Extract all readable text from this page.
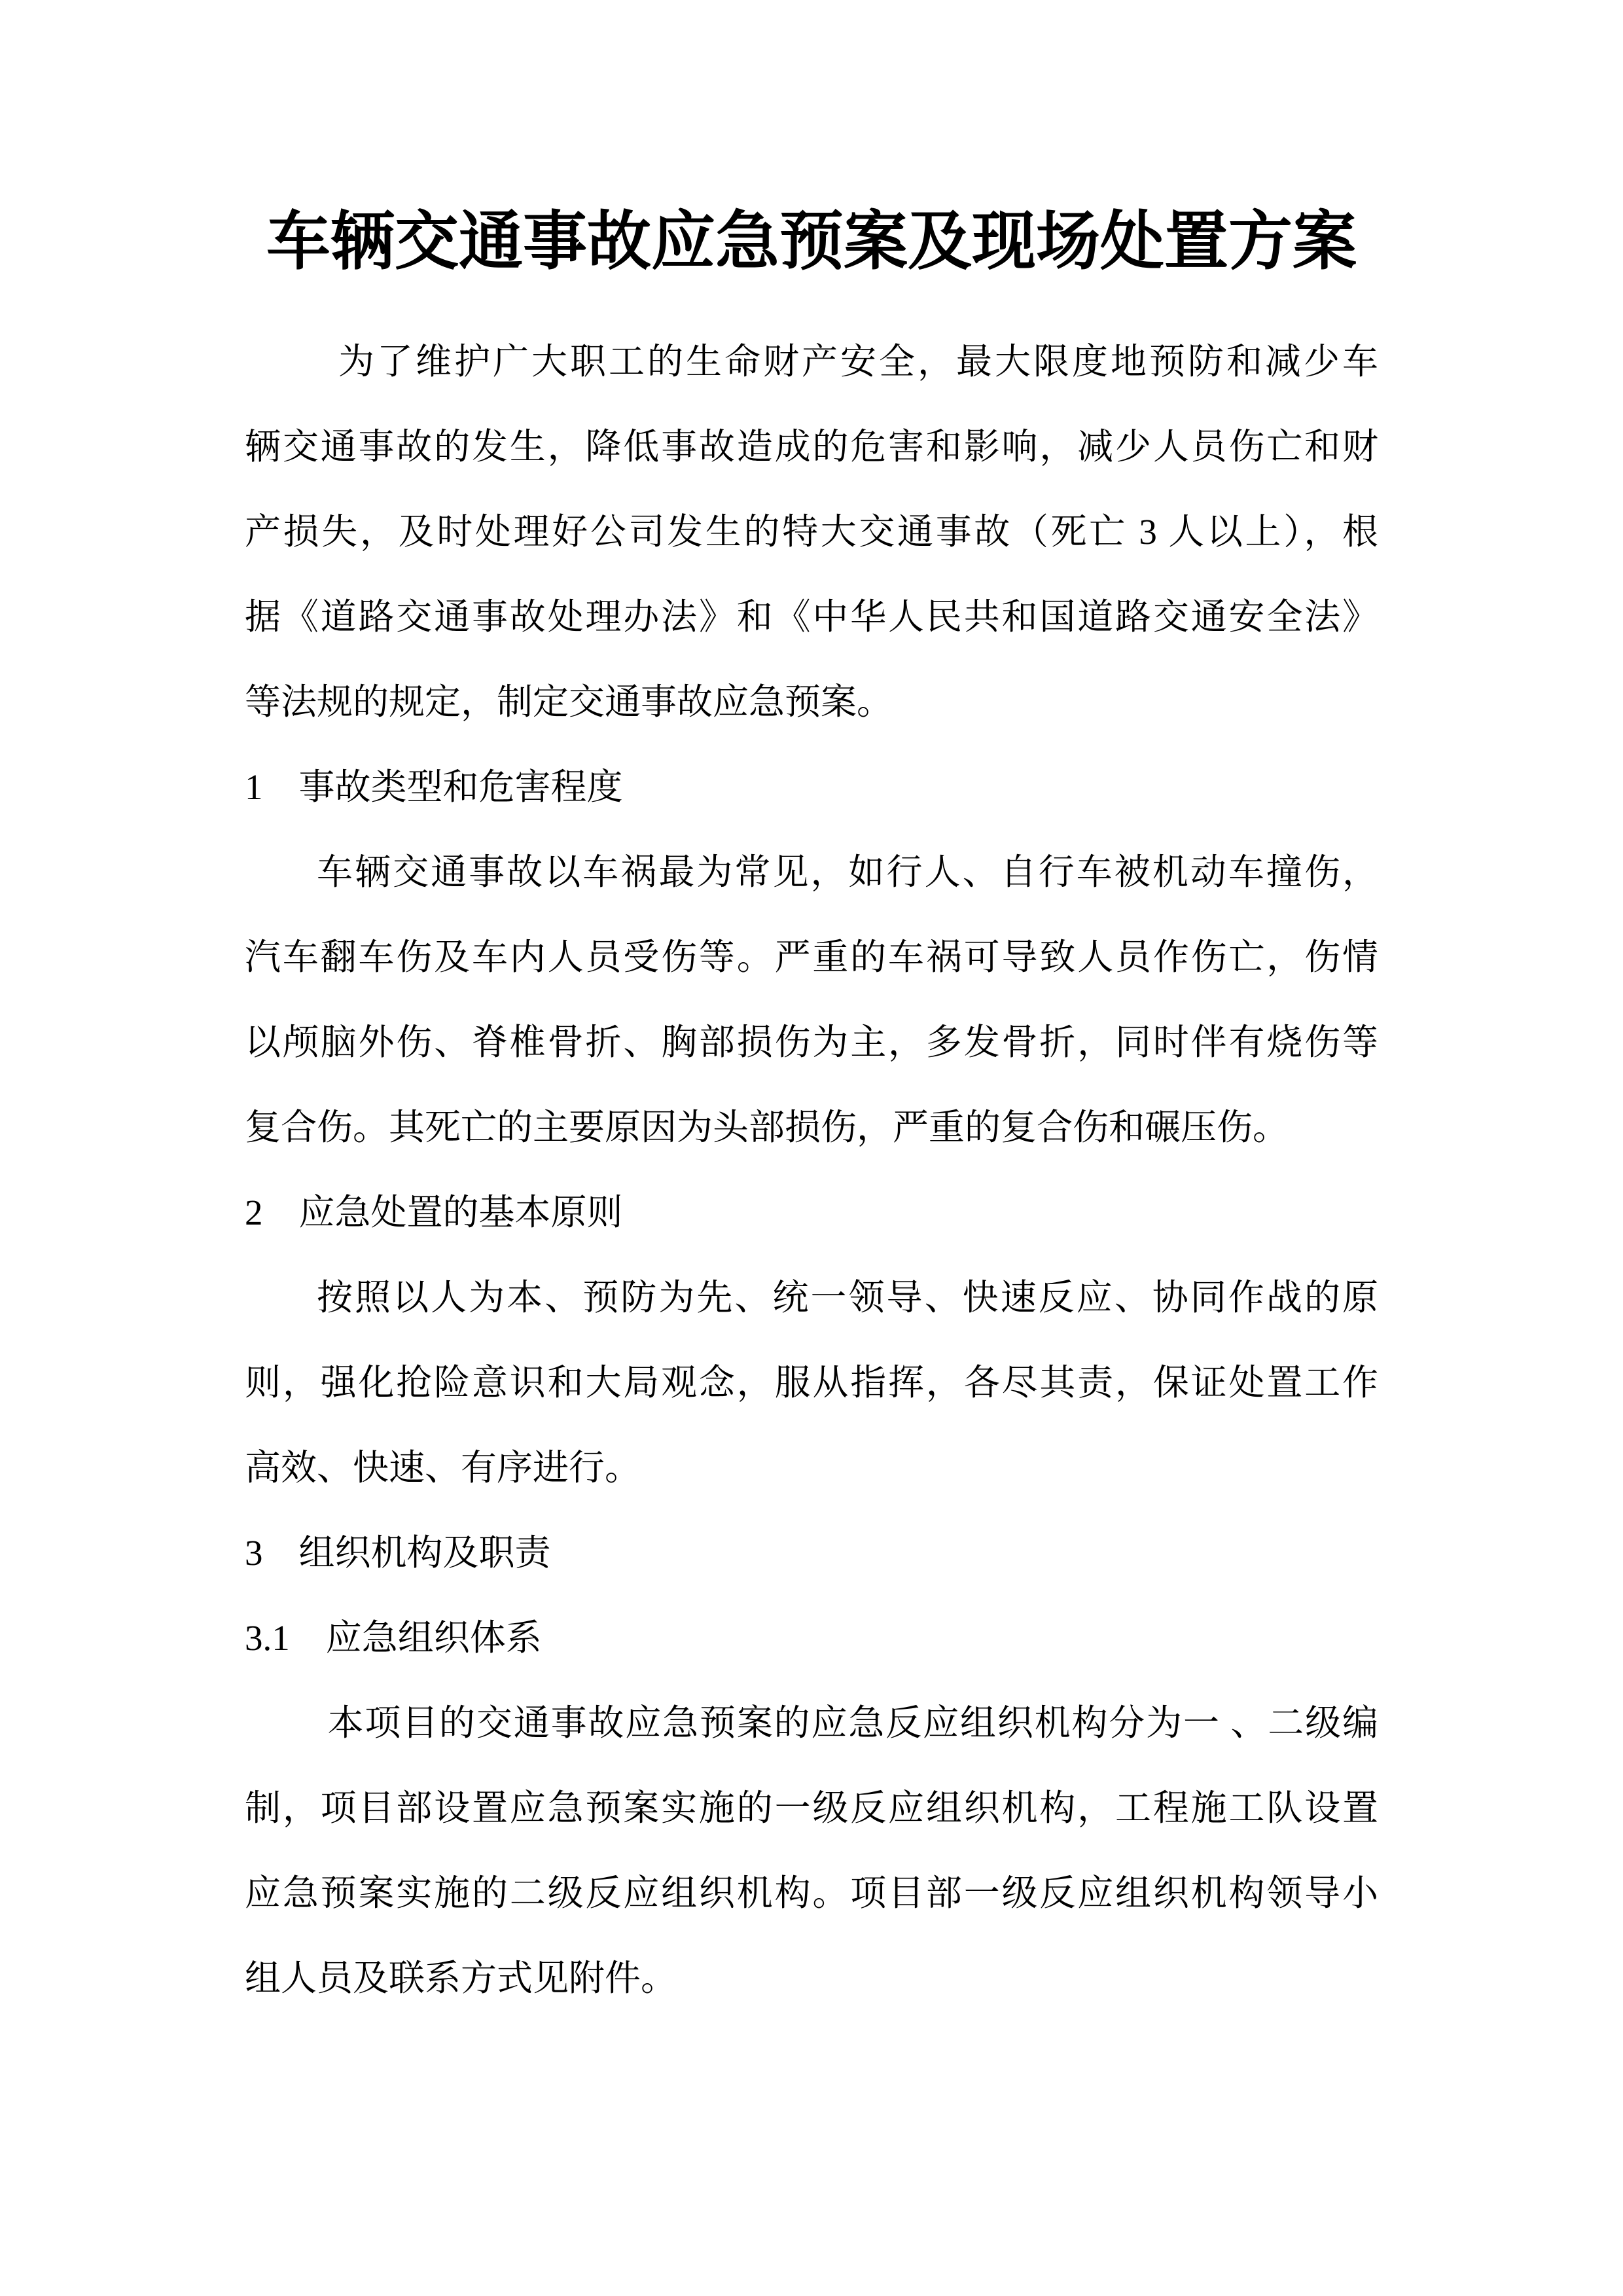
车辆交通事故应急预案及现场处置方案

为了维护广大职工的生命财产安全，最大限度地预防和减少车

辆交通事故的发生，降低事故造成的危害和影响，减少人员伤亡和财

产损失，及时处理好公司发生的特大交通事故（死亡 3 人以上），根

据《道路交通事故处理办法》和《中华人民共和国道路交通安全法》

等法规的规定，制定交通事故应急预案。

1　事故类型和危害程度

车辆交通事故以车祸最为常见，如行人、自行车被机动车撞伤，

汽车翻车伤及车内人员受伤等。严重的车祸可导致人员作伤亡，伤情

以颅脑外伤、脊椎骨折、胸部损伤为主，多发骨折，同时伴有烧伤等

复合伤。其死亡的主要原因为头部损伤，严重的复合伤和碾压伤。

2　应急处置的基本原则

按照以人为本、预防为先、统一领导、快速反应、协同作战的原

则，强化抢险意识和大局观念，服从指挥，各尽其责，保证处置工作

高效、快速、有序进行。

3　组织机构及职责
3.1　应急组织体系

本项目的交通事故应急预案的应急反应组织机构分为一 、二级编

制，项目部设置应急预案实施的一级反应组织机构，工程施工队设置

应急预案实施的二级反应组织机构。项目部一级反应组织机构领导小

组人员及联系方式见附件。
